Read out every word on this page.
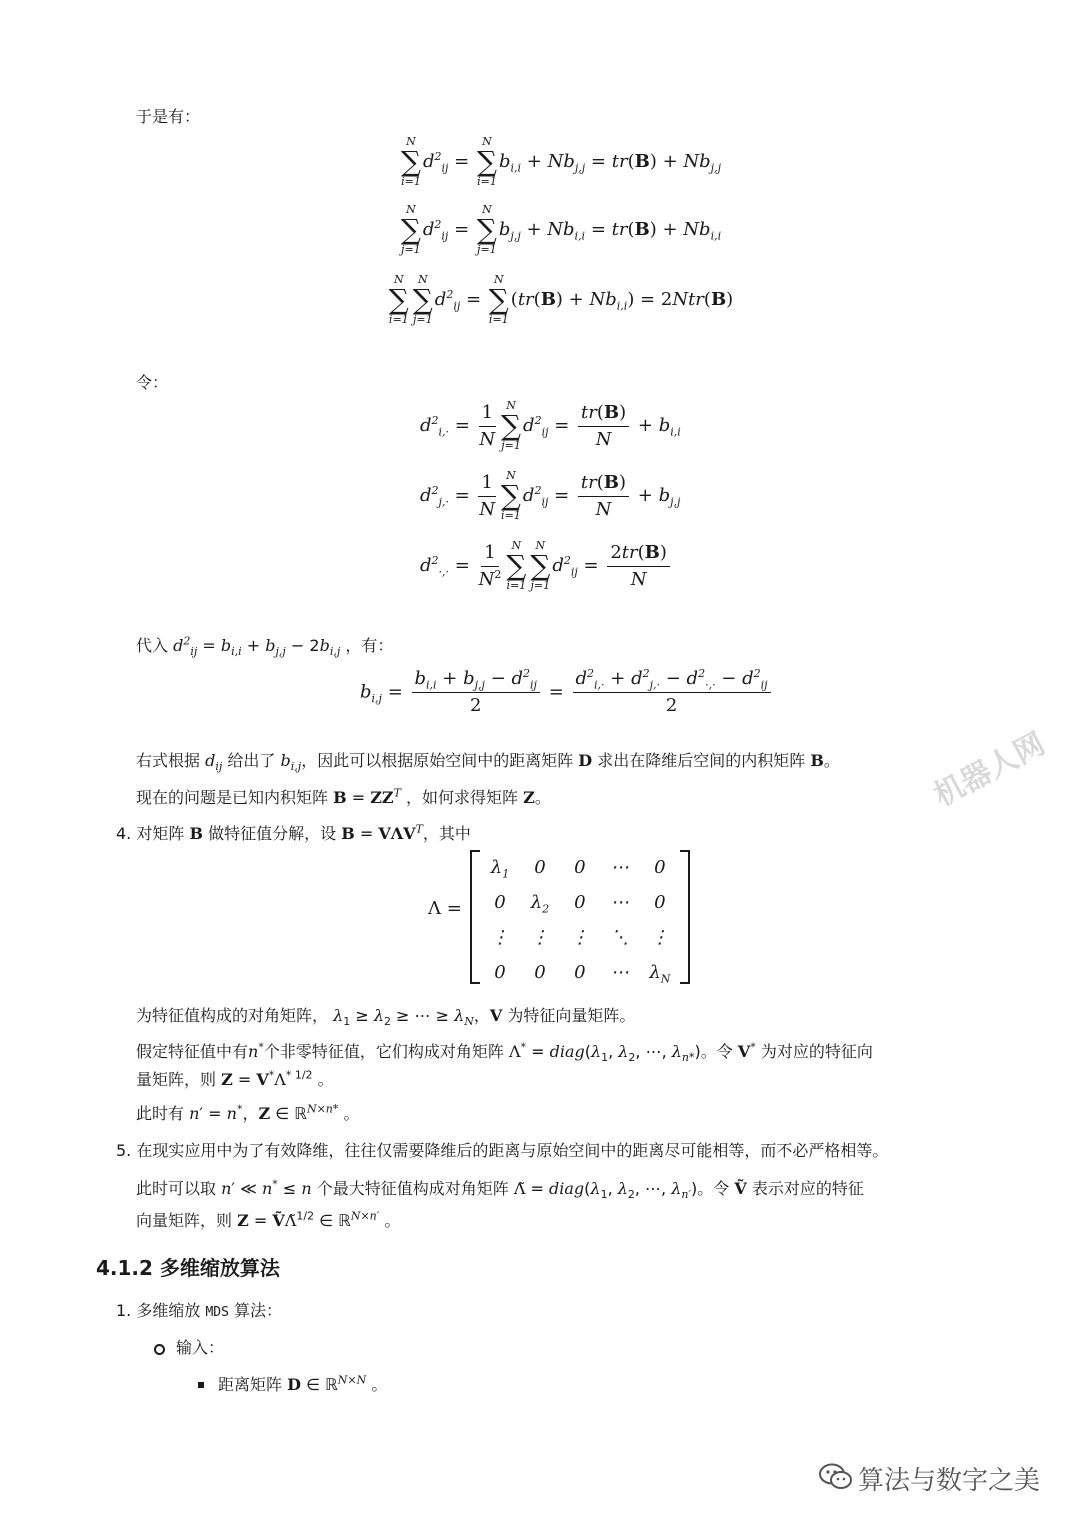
于是有：
N
∑
i=1
$d^2_{ij}$ =
N
∑
i=1
$b_{i,i} + Nb_{j,j} = tr(B) + Nb_{j,j}$
N
∑
j=1
$d^2_{ij}$ =
N
∑
j=1
$b_{j,j} + Nb_{i,i} = tr(B) + Nb_{i,i}$
N
∑
i=1
N
∑
j=1
$d^2_{ij}$ =
N
∑
i=1
$(tr(B) + Nb_{i,i}) = 2Ntr(B)$
令：
$d^2_{i,\cdot} = \frac{1}{N}$ N
∑
j=1
$d^2_{ij} = \frac{tr(B)}{N} + b_{i,i}$
$d^2_{j,\cdot} = \frac{1}{N}$ N
∑
i=1
$d^2_{ij} = \frac{tr(B)}{N} + b_{j,j}$
$d^2_{\cdot,\cdot} = \frac{1}{N^2}$ N
∑
i=1
N
∑
j=1
$d^2_{ij} = \frac{2tr(B)}{N}$
代入 $d^2_{ij} = b_{i,i} + b_{j,j} - 2b_{i,j}$ ，有：
$b_{i,j} = \frac{b_{i,i} + b_{j,j} - d^2_{ij}}{2} = \frac{d^2_{i,\cdot} + d^2_{j,\cdot} - d^2_{\cdot,\cdot} - d^2_{ij}}{2}$
右式根据 $d_{ij}$ 给出了 $b_{i,j}$，因此可以根据原始空间中的距离矩阵 D 求出在降维后空间的内积矩阵 B。
现在的问题是已知内积矩阵 $B = ZZ^T$ ，如何求得矩阵 Z。
4. 对矩阵 B 做特征值分解，设 $B = V\Lambda V^T$，其中
Λ =
$\lambda_1$	0	0	⋯	0
0	$\lambda_2$	0	⋯	0
⋮	⋮	⋮	⋱	⋮
0	0	0	⋯	$\lambda_N$
为特征值构成的对角矩阵， $\lambda_1 \ge \lambda_2$ ≥ ⋯ ≥ $\lambda_N$，V 为特征向量矩阵。
假定特征值中有n*个非零特征值，它们构成对角矩阵 $\Lambda^* = diag(\lambda_1$, $\lambda_2$, ⋯, $\lambda_{n*}$)。令 V* 为对应的特征向
量矩阵，则 $Z = V^*\Lambda^{* 1/2}$ 。
此时有 n′ = n*，Z ∈ ℝ$^{N\times n*}$ 。
5. 在现实应用中为了有效降维，往往仅需要降维后的距离与原始空间中的距离尽可能相等，而不必严格相等。
此时可以取 n′ ≪ n* ≤ n 个最大特征值构成对角矩阵 Λ̃ = $diag(\lambda_1$, $\lambda_2$, ⋯, $\lambda_{n'}$)。令 Ṽ 表示对应的特征
向量矩阵，则 Z = ṼΛ̃$^{1/2}$ ∈ ℝ$^{N\times n'}$ 。
4.1.2 多维缩放算法
1. 多维缩放 MDS 算法：
输入：
距离矩阵 D ∈ ℝ$^{N\times N}$ 。
机器人网
算法与数字之美
